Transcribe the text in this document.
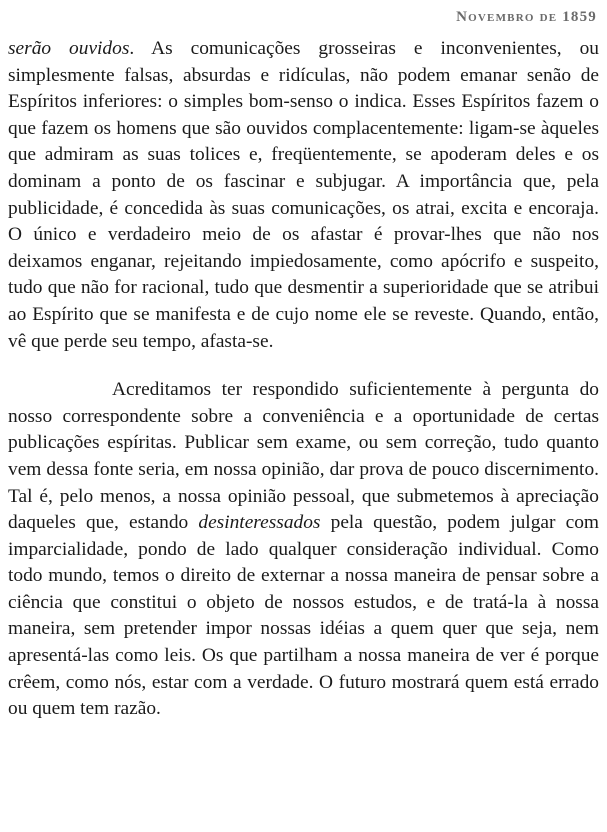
Novembro de 1859

serão ouvidos. As comunicações grosseiras e inconvenientes, ou simplesmente falsas, absurdas e ridículas, não podem emanar senão de Espíritos inferiores: o simples bom-senso o indica. Esses Espíritos fazem o que fazem os homens que são ouvidos complacentemente: ligam-se àqueles que admiram as suas tolices e, freqüentemente, se apoderam deles e os dominam a ponto de os fascinar e subjugar. A importância que, pela publicidade, é concedida às suas comunicações, os atrai, excita e encoraja. O único e verdadeiro meio de os afastar é provar-lhes que não nos deixamos enganar, rejeitando impiedosamente, como apócrifo e suspeito, tudo que não for racional, tudo que desmentir a superioridade que se atribui ao Espírito que se manifesta e de cujo nome ele se reveste. Quando, então, vê que perde seu tempo, afasta-se.

Acreditamos ter respondido suficientemente à pergunta do nosso correspondente sobre a conveniência e a oportunidade de certas publicações espíritas. Publicar sem exame, ou sem correção, tudo quanto vem dessa fonte seria, em nossa opinião, dar prova de pouco discernimento. Tal é, pelo menos, a nossa opinião pessoal, que submetemos à apreciação daqueles que, estando desinteressados pela questão, podem julgar com imparcialidade, pondo de lado qualquer consideração individual. Como todo mundo, temos o direito de externar a nossa maneira de pensar sobre a ciência que constitui o objeto de nossos estudos, e de tratá-la à nossa maneira, sem pretender impor nossas idéias a quem quer que seja, nem apresentá-las como leis. Os que partilham a nossa maneira de ver é porque crêem, como nós, estar com a verdade. O futuro mostrará quem está errado ou quem tem razão.
